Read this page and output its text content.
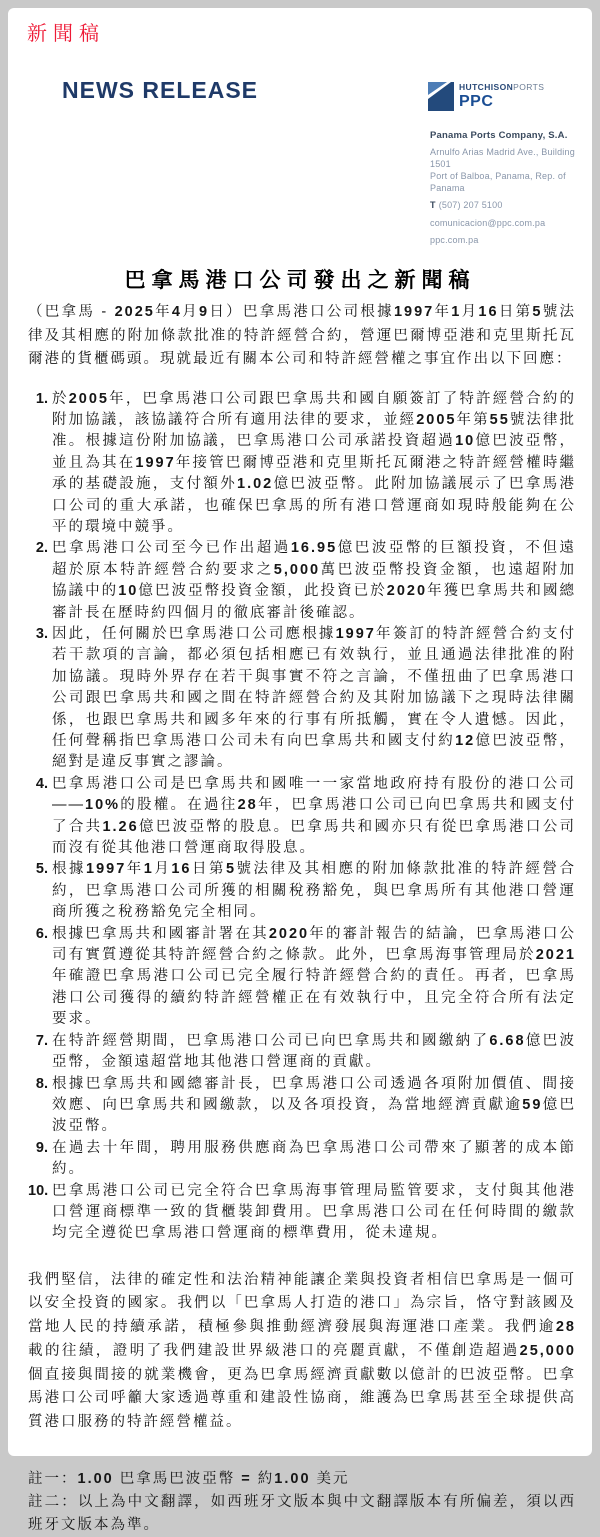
新聞稿
NEWS RELEASE	HUTCHISONPORTS
PPC
Panama Ports Company, S.A.
Arnulfo Arias Madrid Ave., Building 1501
Port of Balboa, Panama, Rep. of Panama
T (507) 207 5100
comunicacion@ppc.com.pa
ppc.com.pa
巴拿馬港口公司發出之新聞稿

（巴拿馬 - 2025年4月9日）巴拿馬港口公司根據1997年1月16日第5號法律及其相應的附加條款批准的特許經營合約，營運巴爾博亞港和克里斯托瓦爾港的貨櫃碼頭。現就最近有關本公司和特許經營權之事宜作出以下回應：

1. 於2005年，巴拿馬港口公司跟巴拿馬共和國自願簽訂了特許經營合約的附加協議，該協議符合所有適用法律的要求，並經2005年第55號法律批准。根據這份附加協議，巴拿馬港口公司承諾投資超過10億巴波亞幣，並且為其在1997年接管巴爾博亞港和克里斯托瓦爾港之特許經營權時繼承的基礎設施，支付額外1.02億巴波亞幣。此附加協議展示了巴拿馬港口公司的重大承諾，也確保巴拿馬的所有港口營運商如現時般能夠在公平的環境中競爭。
2. 巴拿馬港口公司至今已作出超過16.95億巴波亞幣的巨額投資，不但遠超於原本特許經營合約要求之5,000萬巴波亞幣投資金額，也遠超附加協議中的10億巴波亞幣投資金額，此投資已於2020年獲巴拿馬共和國總審計長在歷時約四個月的徹底審計後確認。
3. 因此，任何關於巴拿馬港口公司應根據1997年簽訂的特許經營合約支付若干款項的言論，都必須包括相應已有效執行，並且通過法律批准的附加協議。現時外界存在若干與事實不符之言論，不僅扭曲了巴拿馬港口公司跟巴拿馬共和國之間在特許經營合約及其附加協議下之現時法律關係，也跟巴拿馬共和國多年來的行事有所抵觸，實在令人遺憾。因此，任何聲稱指巴拿馬港口公司未有向巴拿馬共和國支付約12億巴波亞幣，絕對是違反事實之謬論。
4. 巴拿馬港口公司是巴拿馬共和國唯一一家當地政府持有股份的港口公司——10%的股權。在過往28年，巴拿馬港口公司已向巴拿馬共和國支付了合共1.26億巴波亞幣的股息。巴拿馬共和國亦只有從巴拿馬港口公司而沒有從其他港口營運商取得股息。
5. 根據1997年1月16日第5號法律及其相應的附加條款批准的特許經營合約，巴拿馬港口公司所獲的相關稅務豁免，與巴拿馬所有其他港口營運商所獲之稅務豁免完全相同。
6. 根據巴拿馬共和國審計署在其2020年的審計報告的結論，巴拿馬港口公司有實質遵從其特許經營合約之條款。此外，巴拿馬海事管理局於2021年確證巴拿馬港口公司已完全履行特許經營合約的責任。再者，巴拿馬港口公司獲得的續約特許經營權正在有效執行中，且完全符合所有法定要求。
7. 在特許經營期間，巴拿馬港口公司已向巴拿馬共和國繳納了6.68億巴波亞幣，金額遠超當地其他港口營運商的貢獻。
8. 根據巴拿馬共和國總審計長，巴拿馬港口公司透過各項附加價值、間接效應、向巴拿馬共和國繳款，以及各項投資，為當地經濟貢獻逾59億巴波亞幣。
9. 在過去十年間，聘用服務供應商為巴拿馬港口公司帶來了顯著的成本節約。
10. 巴拿馬港口公司已完全符合巴拿馬海事管理局監管要求，支付與其他港口營運商標準一致的貨櫃裝卸費用。巴拿馬港口公司在任何時間的繳款均完全遵從巴拿馬港口營運商的標準費用，從未違規。

我們堅信，法律的確定性和法治精神能讓企業與投資者相信巴拿馬是一個可以安全投資的國家。我們以「巴拿馬人打造的港口」為宗旨，恪守對該國及當地人民的持續承諾，積極參與推動經濟發展與海運港口產業。我們逾28載的往績，證明了我們建設世界級港口的亮麗貢獻，不僅創造超過25,000個直接與間接的就業機會，更為巴拿馬經濟貢獻數以億計的巴波亞幣。巴拿馬港口公司呼籲大家透過尊重和建設性協商，維護為巴拿馬甚至全球提供高質港口服務的特許經營權益。

註一：1.00 巴拿馬巴波亞幣 = 約1.00 美元
註二：以上為中文翻譯，如西班牙文版本與中文翻譯版本有所偏差，須以西班牙文版本為準。
